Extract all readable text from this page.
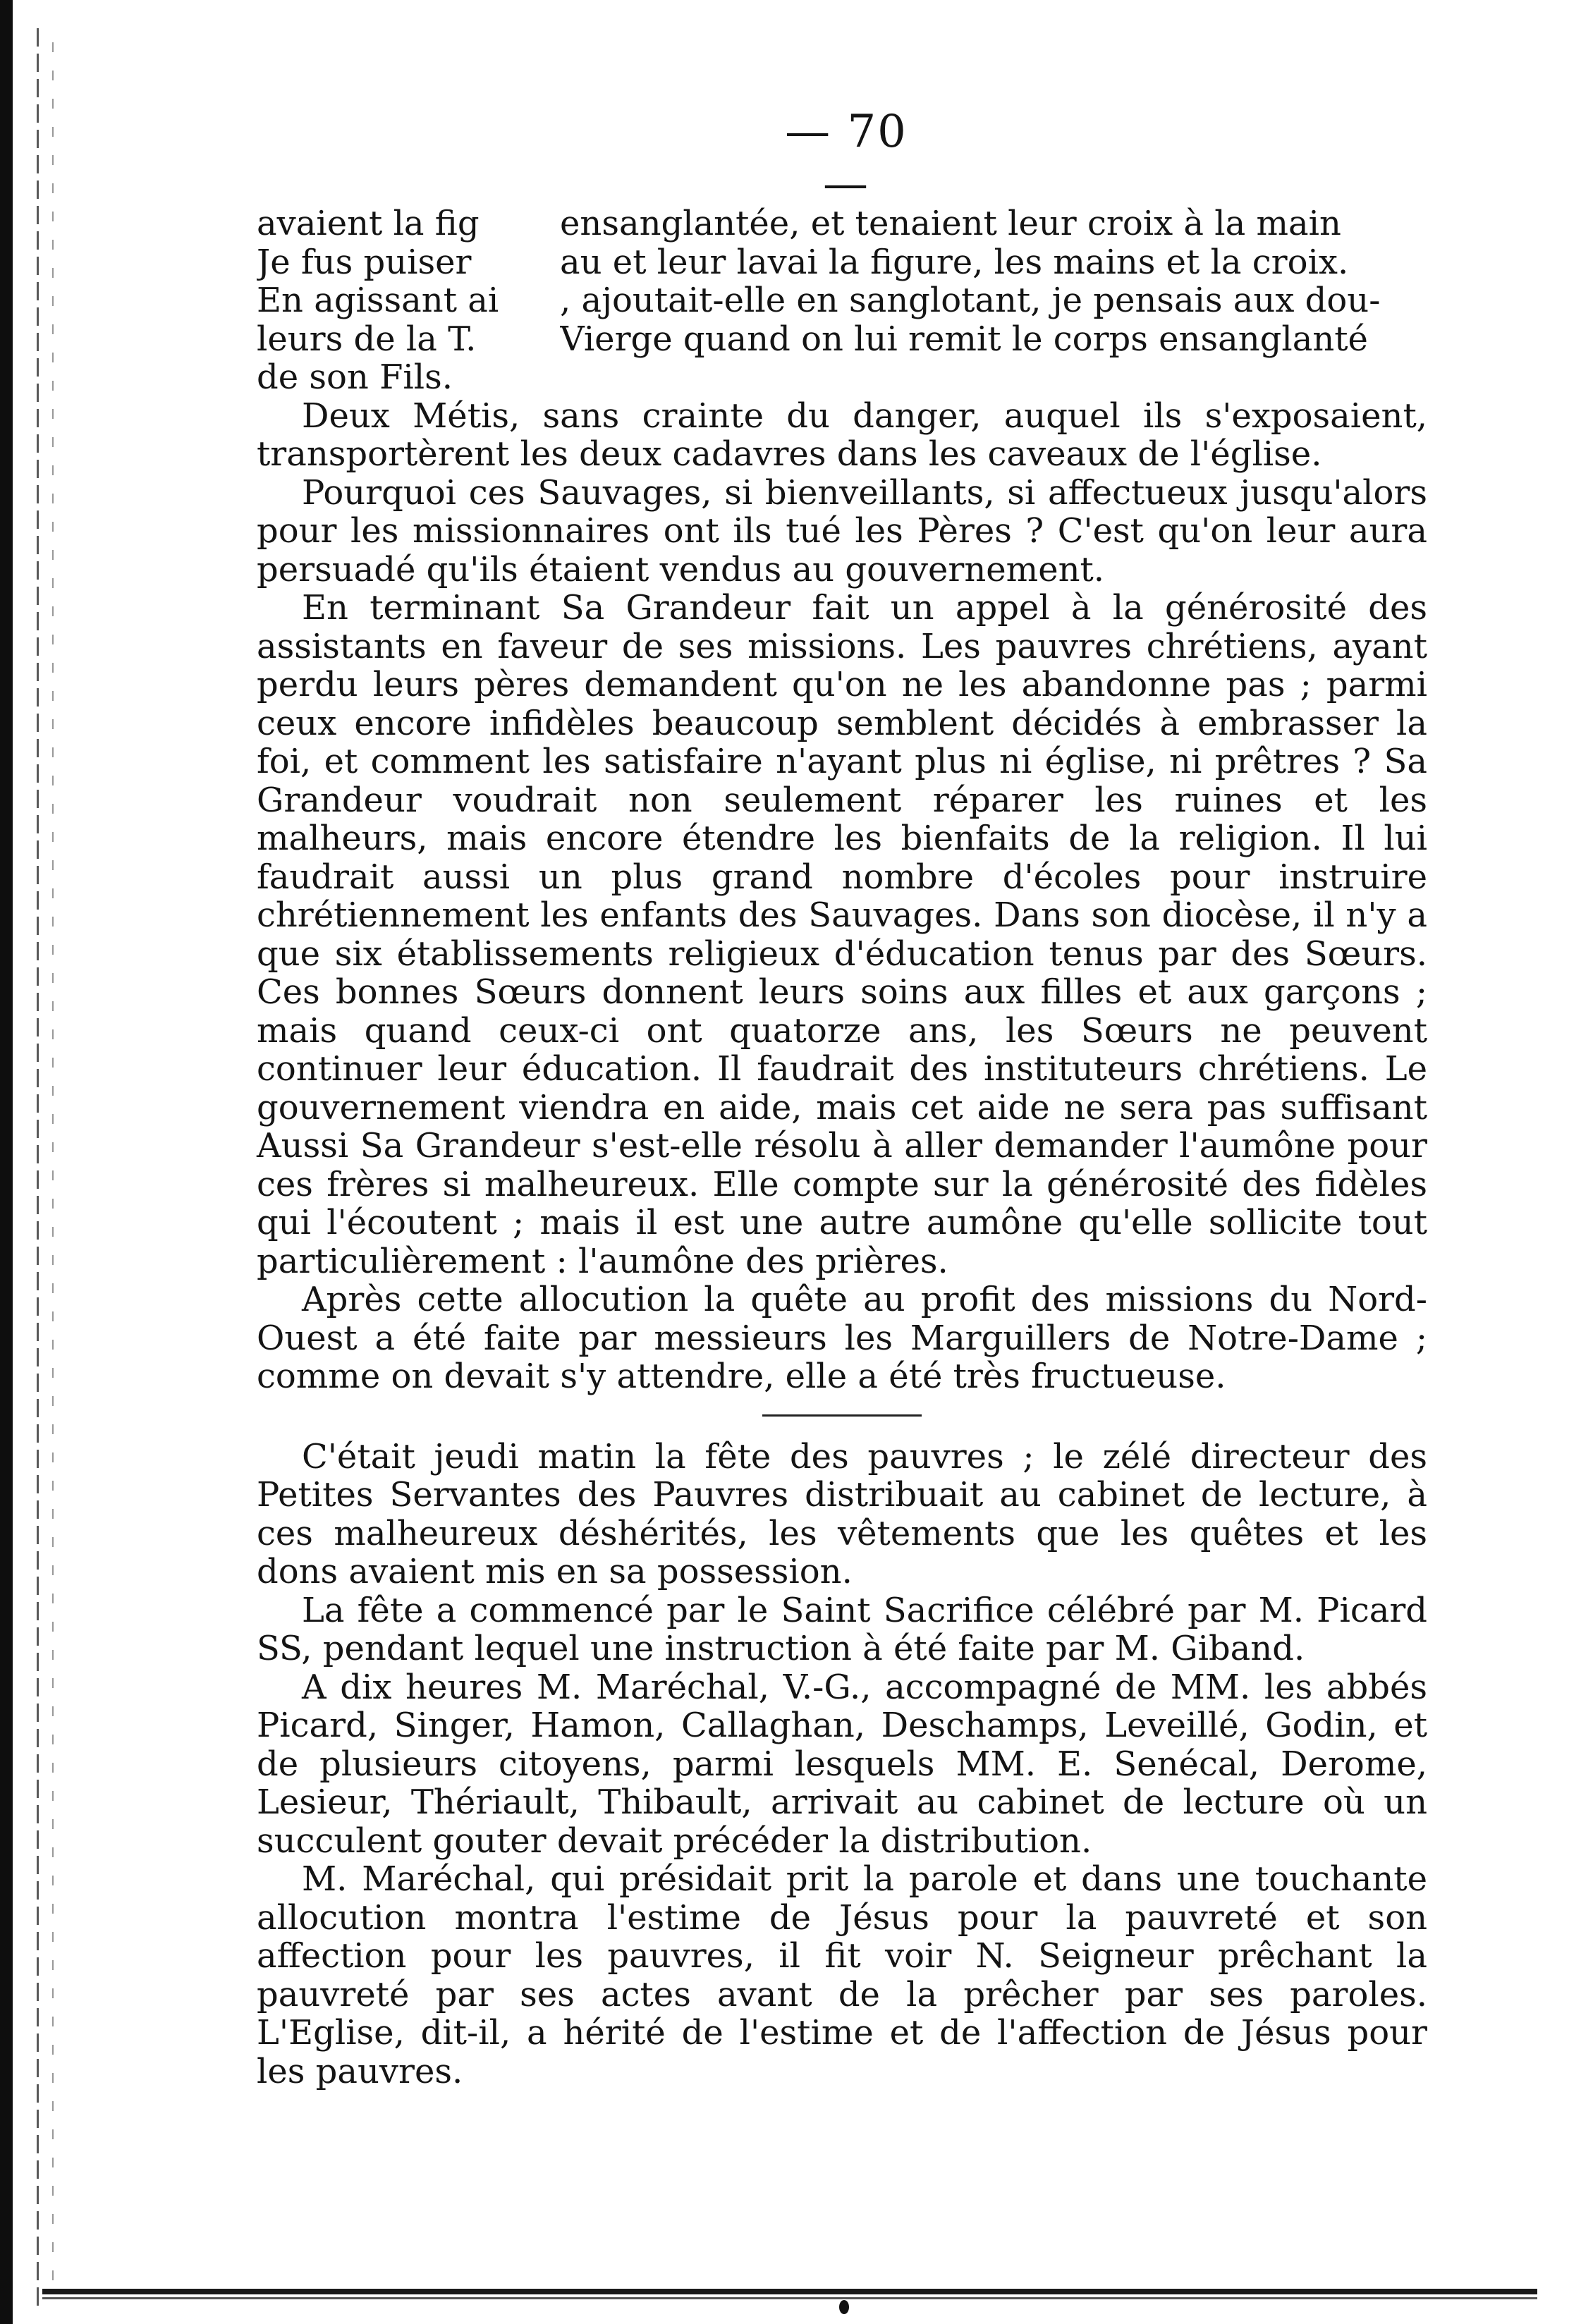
— 70 —
avaient la fig
Je fus puiser
En agissant ai
leurs de la T.
de son Fils.
ensanglantée, et tenaient leur croix à la main
au et leur lavai la figure, les mains et la croix.
, ajoutait-elle en sanglotant, je pensais aux dou-
Vierge quand on lui remit le corps ensanglanté

Deux Métis, sans crainte du danger, auquel ils s'exposaient, transportèrent les deux cadavres dans les caveaux de l'église.

Pourquoi ces Sauvages, si bienveillants, si affectueux jusqu'alors pour les missionnaires ont ils tué les Pères ? C'est qu'on leur aura persuadé qu'ils étaient vendus au gouvernement.

En terminant Sa Grandeur fait un appel à la générosité des assistants en faveur de ses missions. Les pauvres chrétiens, ayant perdu leurs pères demandent qu'on ne les abandonne pas ; parmi ceux encore infidèles beaucoup semblent décidés à embrasser la foi, et comment les satisfaire n'ayant plus ni église, ni prêtres ? Sa Grandeur voudrait non seulement réparer les ruines et les malheurs, mais encore étendre les bienfaits de la religion. Il lui faudrait aussi un plus grand nombre d'écoles pour instruire chrétiennement les enfants des Sauvages. Dans son diocèse, il n'y a que six établissements religieux d'éducation tenus par des Sœurs. Ces bonnes Sœurs donnent leurs soins aux filles et aux garçons ; mais quand ceux-ci ont quatorze ans, les Sœurs ne peuvent continuer leur éducation. Il faudrait des instituteurs chrétiens. Le gouvernement viendra en aide, mais cet aide ne sera pas suffisant Aussi Sa Grandeur s'est-elle résolu à aller demander l'aumône pour ces frères si malheureux. Elle compte sur la générosité des fidèles qui l'écoutent ; mais il est une autre aumône qu'elle sollicite tout particulièrement : l'aumône des prières.

Après cette allocution la quête au profit des missions du Nord-Ouest a été faite par messieurs les Marguillers de Notre-Dame ; comme on devait s'y attendre, elle a été très fructueuse.

C'était jeudi matin la fête des pauvres ; le zélé directeur des Petites Servantes des Pauvres distribuait au cabinet de lecture, à ces malheureux déshérités, les vêtements que les quêtes et les dons avaient mis en sa possession.

La fête a commencé par le Saint Sacrifice célébré par M. Picard SS, pendant lequel une instruction à été faite par M. Giband.

A dix heures M. Maréchal, V.-G., accompagné de MM. les abbés Picard, Singer, Hamon, Callaghan, Deschamps, Leveillé, Godin, et de plusieurs citoyens, parmi lesquels MM. E. Senécal, Derome, Lesieur, Thériault, Thibault, arrivait au cabinet de lecture où un succulent gouter devait précéder la distribution.

M. Maréchal, qui présidait prit la parole et dans une touchante allocution montra l'estime de Jésus pour la pauvreté et son affection pour les pauvres, il fit voir N. Seigneur prêchant la pauvreté par ses actes avant de la prêcher par ses paroles. L'Eglise, dit-il, a hérité de l'estime et de l'affection de Jésus pour les pauvres.
